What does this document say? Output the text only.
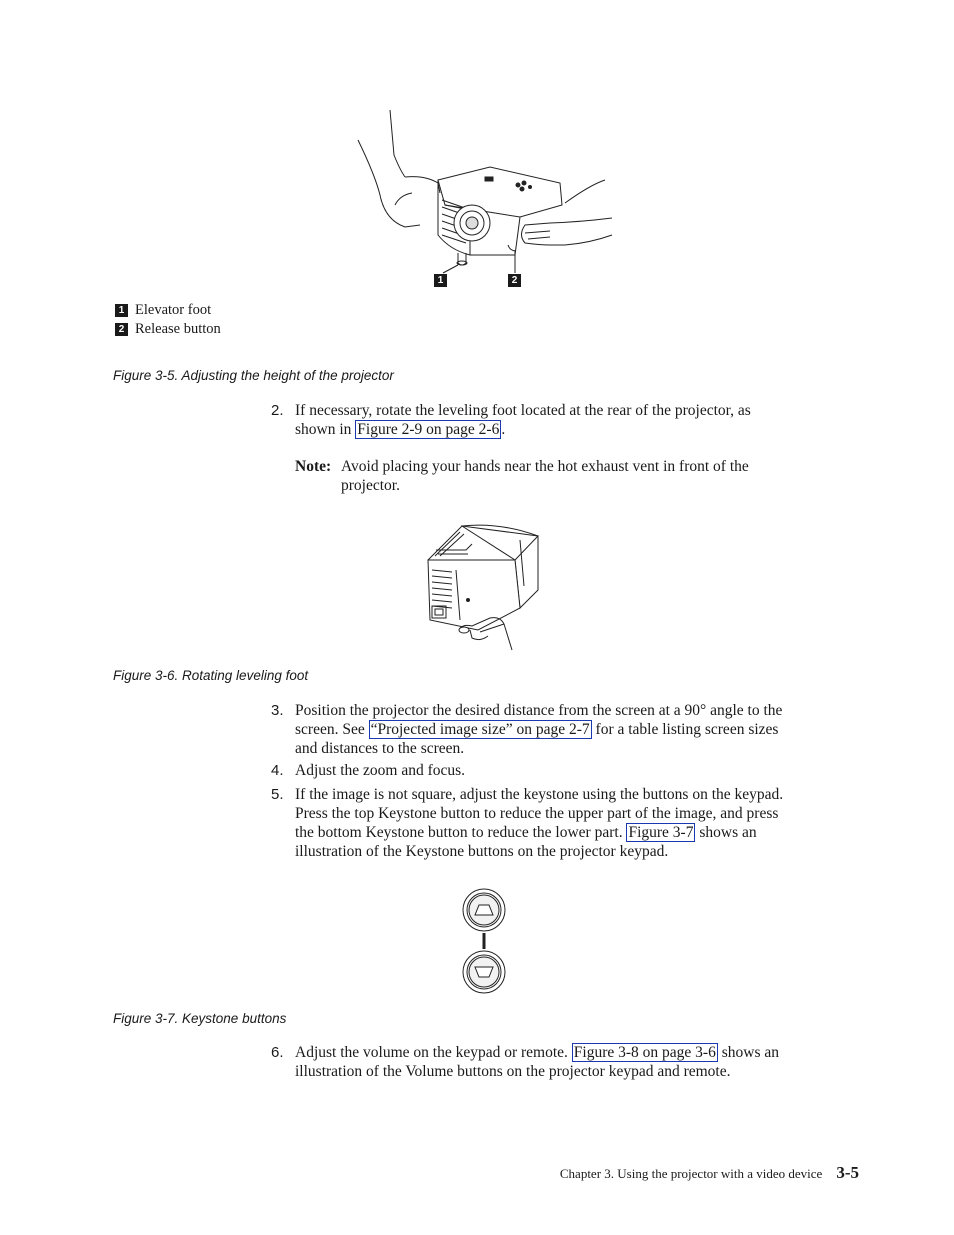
1	2
1 Elevator foot
2 Release button
Figure 3-5. Adjusting the height of the projector
2. If necessary, rotate the leveling foot located at the rear of the projector, as
shown in Figure 2-9 on page 2-6 .
Note: Avoid placing your hands near the hot exhaust vent in front of the
projector.
Figure 3-6. Rotating leveling foot
3. Position the projector the desired distance from the screen at a 90° angle to the
screen. See “Projected image size” on page 2-7 for a table listing screen sizes
and distances to the screen.
4. Adjust the zoom and focus.
5. If the image is not square, adjust the keystone using the buttons on the keypad.
Press the top Keystone button to reduce the upper part of the image, and press
the bottom Keystone button to reduce the lower part. Figure 3-7 shows an
illustration of the Keystone buttons on the projector keypad.
Figure 3-7. Keystone buttons
6. Adjust the volume on the keypad or remote. Figure 3-8 on page 3-6 shows an
illustration of the Volume buttons on the projector keypad and remote.
Chapter 3. Using the projector with a video device 3-5
